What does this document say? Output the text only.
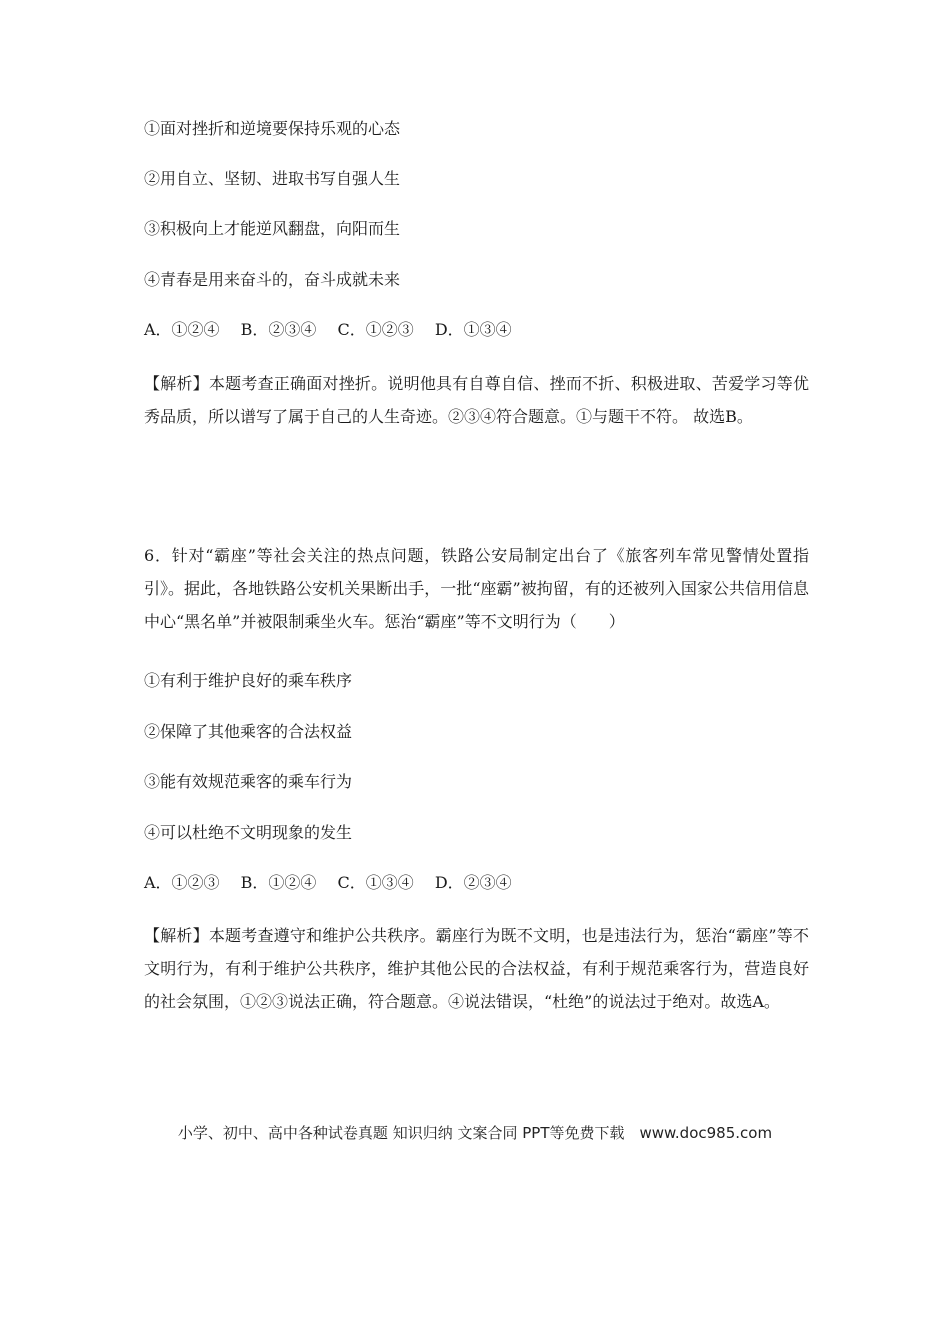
①面对挫折和逆境要保持乐观的心态
②用自立、坚韧、进取书写自强人生
③积极向上才能逆风翻盘，向阳而生
④青春是用来奋斗的，奋斗成就未来
A．①②④　 B．②③④　 C．①②③　 D．①③④
【解析】本题考查正确面对挫折。说明他具有自尊自信、挫而不折、积极进取、苦爱学习等优秀品质，所以谱写了属于自己的人生奇迹。②③④符合题意。①与题干不符。 故选B。
6．针对“霸座”等社会关注的热点问题，铁路公安局制定出台了《旅客列车常见警情处置指引》。据此，各地铁路公安机关果断出手，一批“座霸”被拘留，有的还被列入国家公共信用信息中心“黑名单”并被限制乘坐火车。惩治“霸座”等不文明行为（　　）
①有利于维护良好的乘车秩序
②保障了其他乘客的合法权益
③能有效规范乘客的乘车行为
④可以杜绝不文明现象的发生
A．①②③　 B．①②④　 C．①③④　 D．②③④
【解析】本题考查遵守和维护公共秩序。霸座行为既不文明，也是违法行为，惩治“霸座”等不文明行为，有利于维护公共秩序，维护其他公民的合法权益，有利于规范乘客行为，营造良好的社会氛围，①②③说法正确，符合题意。④说法错误，“杜绝”的说法过于绝对。故选A。
小学、初中、高中各种试卷真题 知识归纳 文案合同 PPT等免费下载　www.doc985.com
